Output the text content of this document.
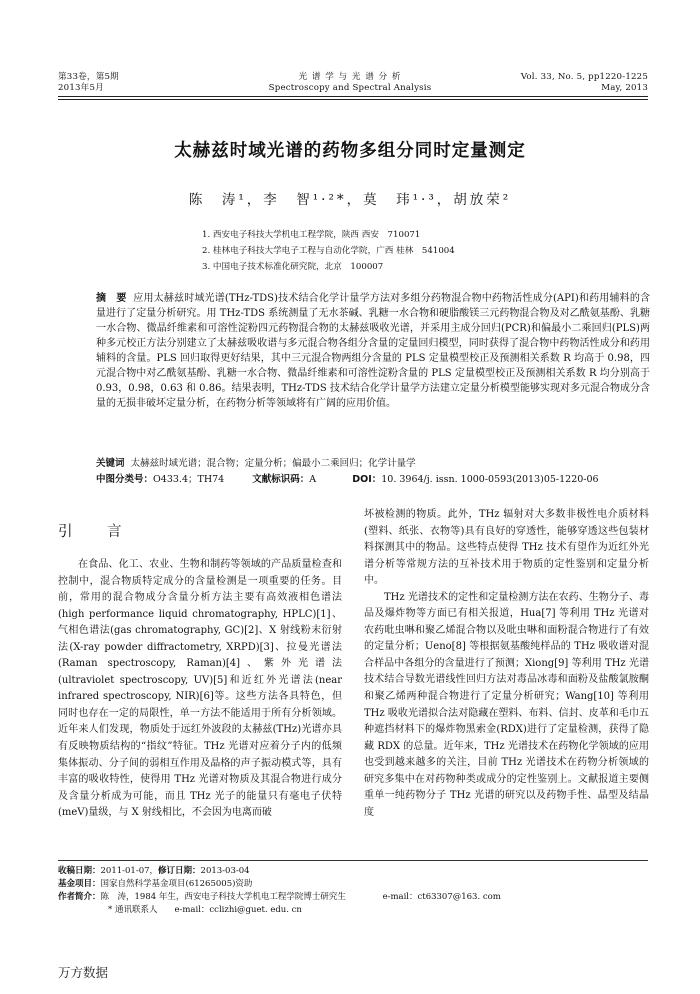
第33卷，第5期
2013年5月
光 谱 学 与 光 谱 分 析
Spectroscopy and Spectral Analysis
Vol. 33, No. 5, pp1220-1225
May, 2013
太赫兹时域光谱的药物多组分同时定量测定
陈　涛¹，李　智¹·²*，莫　玮¹·³，胡放荣²
1. 西安电子科技大学机电工程学院，陕西 西安　710071
2. 桂林电子科技大学电子工程与自动化学院，广西 桂林　541004
3. 中国电子技术标准化研究院，北京　100007
摘　要 应用太赫兹时域光谱(THz-TDS)技术结合化学计量学方法对多组分药物混合物中药物活性成分(API)和药用辅料的含量进行了定量分析研究。用 THz-TDS 系统测量了无水茶碱、乳糖一水合物和硬脂酸镁三元药物混合物及对乙酰氨基酚、乳糖一水合物、微晶纤维素和可溶性淀粉四元药物混合物的太赫兹吸收光谱，并采用主成分回归(PCR)和偏最小二乘回归(PLS)两种多元校正方法分别建立了太赫兹吸收谱与多元混合物各组分含量的定量回归模型，同时获得了混合物中药物活性成分和药用辅料的含量。PLS 回归取得更好结果，其中三元混合物两组分含量的 PLS 定量模型校正及预测相关系数 R 均高于 0.98，四元混合物中对乙酰氨基酚、乳糖一水合物、微晶纤维素和可溶性淀粉含量的 PLS 定量模型校正及预测相关系数 R 均分别高于 0.93，0.98，0.63 和 0.86。结果表明，THz-TDS 技术结合化学计量学方法建立定量分析模型能够实现对多元混合物成分含量的无损非破坏定量分析，在药物分析等领域将有广阔的应用价值。
关键词 太赫兹时域光谱；混合物；定量分析；偏最小二乘回归；化学计量学
中图分类号：O433.4；TH74	文献标识码：A	DOI：10. 3964/j. issn. 1000-0593(2013)05-1220-06
引　言

在食品、化工、农业、生物和制药等领域的产品质量检查和控制中，混合物质特定成分的含量检测是一项重要的任务。目前，常用的混合物成分含量分析方法主要有高效液相色谱法(high performance liquid chromatography, HPLC)[1]、气相色谱法(gas chromatography, GC)[2]、X 射线粉末衍射法(X-ray powder diffractometry, XRPD)[3]、拉曼光谱法(Raman spectroscopy, Raman)[4]、紫外光谱法(ultraviolet spectroscopy, UV)[5]和近红外光谱法(near infrared spectroscopy, NIR)[6]等。这些方法各具特色，但同时也存在一定的局限性，单一方法不能适用于所有分析领域。近年来人们发现，物质处于远红外波段的太赫兹(THz)光谱亦具有反映物质结构的“指纹”特征。THz 光谱对应着分子内的低频集体振动、分子间的弱相互作用及晶格的声子振动模式等，具有丰富的吸收特性，使得用 THz 光谱对物质及其混合物进行成分及含量分析成为可能，而且 THz 光子的能量只有毫电子伏特(meV)量级，与 X 射线相比，不会因为电离而破

坏被检测的物质。此外，THz 辐射对大多数非极性电介质材料(塑料、纸张、衣物等)具有良好的穿透性，能够穿透这些包装材料探测其中的物品。这些特点使得 THz 技术有望作为近红外光谱分析等常规方法的互补技术用于物质的定性鉴别和定量分析中。

THz 光谱技术的定性和定量检测方法在农药、生物分子、毒品及爆炸物等方面已有相关报道，Hua[7] 等利用 THz 光谱对农药吡虫啉和聚乙烯混合物以及吡虫啉和面粉混合物进行了有效的定量分析；Ueno[8] 等根据氨基酸纯样品的 THz 吸收谱对混合样品中各组分的含量进行了预测；Xiong[9] 等利用 THz 光谱技术结合导数光谱线性回归方法对毒品冰毒和面粉及盐酸氯胺酮和聚乙烯两种混合物进行了定量分析研究；Wang[10] 等利用 THz 吸收光谱拟合法对隐藏在塑料、布料、信封、皮革和毛巾五种遮挡材料下的爆炸物黑索金(RDX)进行了定量检测，获得了隐藏 RDX 的总量。近年来，THz 光谱技术在药物化学领域的应用也受到越来越多的关注，目前 THz 光谱技术在药物分析领域的研究多集中在对药物种类或成分的定性鉴别上。文献报道主要侧重单一纯药物分子 THz 光谱的研究以及药物手性、晶型及结晶度

收稿日期：2011-01-07，修订日期：2013-03-04
基金项目：国家自然科学基金项目(61265005)资助
作者简介：陈　涛，1984 年生，西安电子科技大学机电工程学院博士研究生	e-mail：ct63307@163. com
* 通讯联系人　　e-mail：cclizhi@guet. edu. cn
万方数据
